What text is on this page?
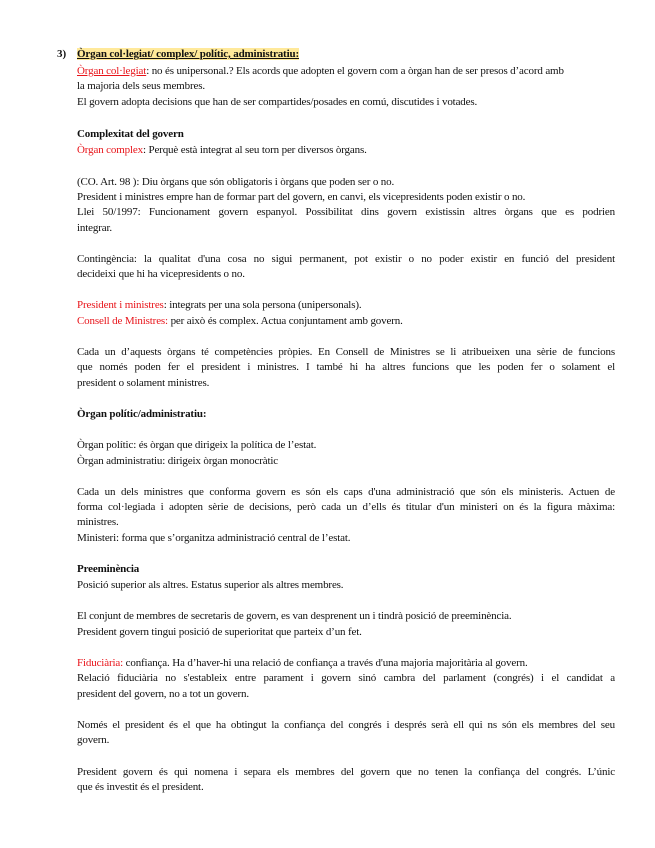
3) Òrgan col·legiat/ complex/ polític, administratiu:
Òrgan col·legiat: no és unipersonal.? Els acords que adopten el govern com a òrgan han de ser presos d’acord amb
la majoria dels seus membres.
El govern adopta decisions que han de ser compartides/posades en comú, discutides i votades.
Complexitat del govern
Òrgan complex: Perquè està integrat al seu torn per diversos òrgans.
(CO. Art. 98 ): Diu òrgans que són obligatoris i òrgans que poden ser o no.
President i ministres empre han de formar part del govern, en canvi, els vicepresidents poden existir o no.
Llei 50/1997: Funcionament govern espanyol. Possibilitat dins govern existissin altres òrgans que es podrien
integrar.
Contingència: la qualitat d'una cosa no sigui permanent, pot existir o no poder existir en funció del president
decideixi que hi ha vicepresidents o no.
President i ministres: integrats per una sola persona (unipersonals).
Consell de Ministres: per això és complex. Actua conjuntament amb govern.
Cada un d’aquests òrgans té competències pròpies. En Consell de Ministres se li atribueixen una sèrie de funcions
que només poden fer el president i ministres. I també hi ha altres funcions que les poden fer o solament el
president o solament ministres.
Òrgan polític/administratiu:
Òrgan polític: és òrgan que dirigeix la política de l’estat.
Òrgan administratiu: dirigeix òrgan monocràtic
Cada un dels ministres que conforma govern es són els caps d'una administració que són els ministeris. Actuen de
forma col·legiada i adopten sèrie de decisions, però cada un d’ells és titular d'un ministeri on és la figura màxima:
ministres.
Ministeri: forma que s’organitza administració central de l’estat.
Preeminència
Posició superior als altres. Estatus superior als altres membres.
El conjunt de membres de secretaris de govern, es van desprenent un i tindrà posició de preeminència.
President govern tingui posició de superioritat que parteix d’un fet.
Fiduciària: confiança. Ha d’haver-hi una relació de confiança a través d'una majoria majoritària al govern.
Relació fiduciària no s'estableix entre parament i govern sinó cambra del parlament (congrés) i el candidat a
president del govern, no a tot un govern.
Només el president és el que ha obtingut la confiança del congrés i després serà ell qui ns són els membres del seu
govern.
President govern és qui nomena i separa els membres del govern que no tenen la confiança del congrés. L’únic
que és investit és el president.
